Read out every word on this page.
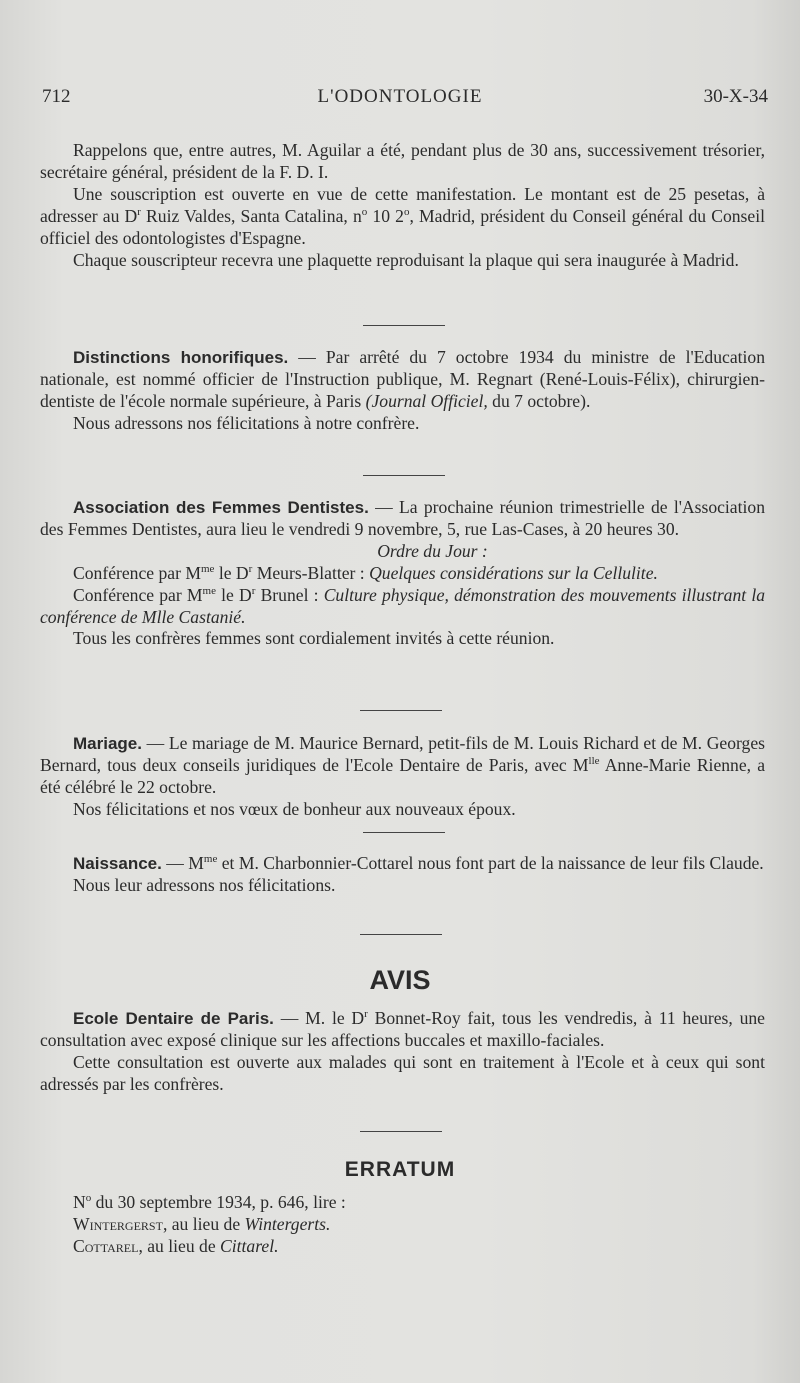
712	L'ODONTOLOGIE	30-X-34

Rappelons que, entre autres, M. Aguilar a été, pendant plus de 30 ans, successivement trésorier, secrétaire général, président de la F. D. I.

Une souscription est ouverte en vue de cette manifestation. Le montant est de 25 pesetas, à adresser au $D^r$ Ruiz Valdes, Santa Catalina, $n^o$ 10 2$^o$, Madrid, président du Conseil général du Conseil officiel des odontologistes d'Espagne.

Chaque souscripteur recevra une plaquette reproduisant la plaque qui sera inaugurée à Madrid.

Distinctions honorifiques. — Par arrêté du 7 octobre 1934 du ministre de l'Education nationale, est nommé officier de l'Instruction publique, M. Regnart (René-Louis-Félix), chirurgien-dentiste de l'école normale supérieure, à Paris (Journal Officiel, du 7 octobre).

Nous adressons nos félicitations à notre confrère.

Association des Femmes Dentistes. — La prochaine réunion trimestrielle de l'Association des Femmes Dentistes, aura lieu le vendredi 9 novembre, 5, rue Las-Cases, à 20 heures 30.

Ordre du Jour :

Conférence par $M^{me}$ le $D^r$ Meurs-Blatter : Quelques considérations sur la Cellulite.

Conférence par $M^{me}$ le $D^r$ Brunel : Culture physique, démonstration des mouvements illustrant la conférence de Mlle Castanié.

Tous les confrères femmes sont cordialement invités à cette réunion.

Mariage. — Le mariage de M. Maurice Bernard, petit-fils de M. Louis Richard et de M. Georges Bernard, tous deux conseils juridiques de l'Ecole Dentaire de Paris, avec $M^{lle}$ Anne-Marie Rienne, a été célébré le 22 octobre.

Nos félicitations et nos vœux de bonheur aux nouveaux époux.

Naissance. — $M^{me}$ et M. Charbonnier-Cottarel nous font part de la naissance de leur fils Claude.

Nous leur adressons nos félicitations.

AVIS

Ecole Dentaire de Paris. — M. le $D^r$ Bonnet-Roy fait, tous les vendredis, à 11 heures, une consultation avec exposé clinique sur les affections buccales et maxillo-faciales.

Cette consultation est ouverte aux malades qui sont en traitement à l'Ecole et à ceux qui sont adressés par les confrères.

ERRATUM

$N^o$ du 30 septembre 1934, p. 646, lire :

Wintergerst, au lieu de Wintergerts.

Cottarel, au lieu de Cittarel.
